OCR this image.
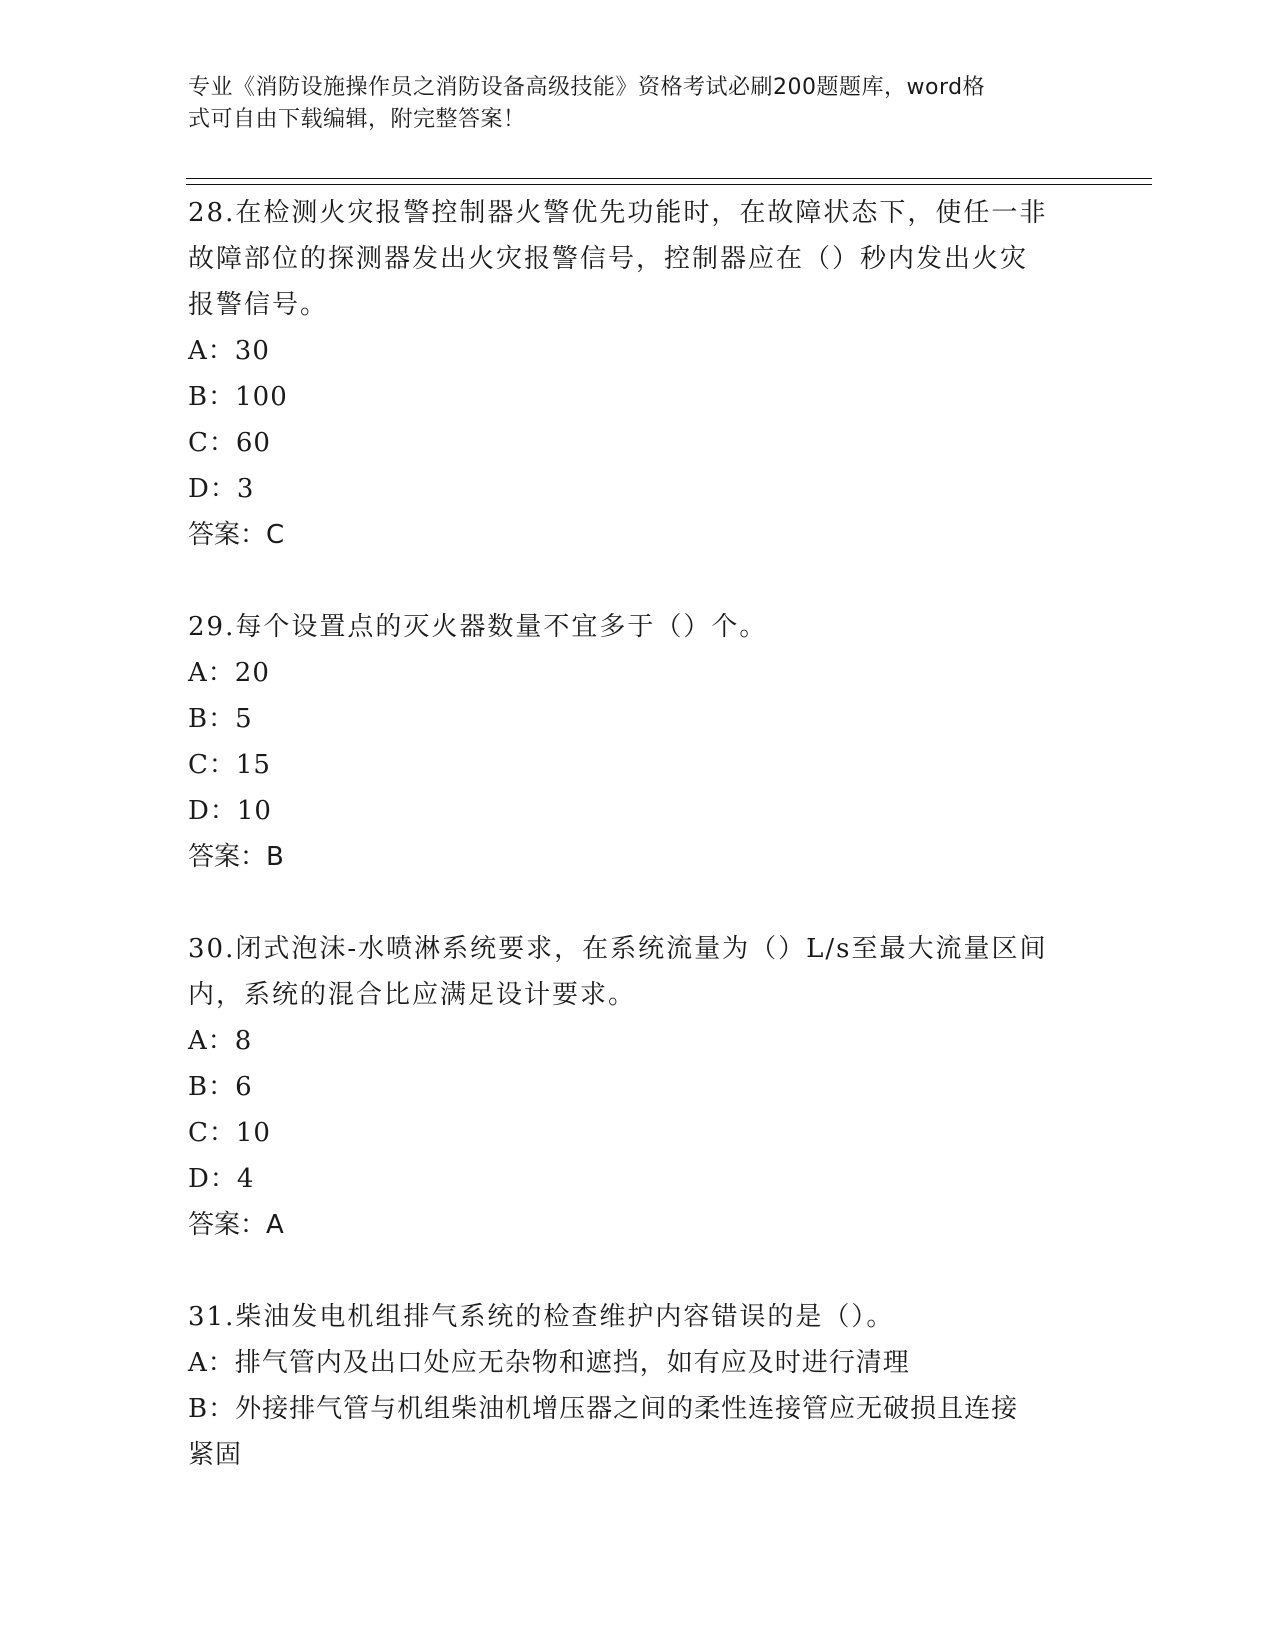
专业《消防设施操作员之消防设备高级技能》资格考试必刷200题题库，word格
式可自由下载编辑，附完整答案！

28.在检测火灾报警控制器火警优先功能时，在故障状态下，使任一非

故障部位的探测器发出火灾报警信号，控制器应在（）秒内发出火灾

报警信号。

A：30

B：100

C：60

D：3

答案：C

29.每个设置点的灭火器数量不宜多于（）个。

A：20

B：5

C：15

D：10

答案：B

30.闭式泡沫-水喷淋系统要求，在系统流量为（）L/s至最大流量区间

内，系统的混合比应满足设计要求。

A：8

B：6

C：10

D：4

答案：A

31.柴油发电机组排气系统的检查维护内容错误的是（）。

A：排气管内及出口处应无杂物和遮挡，如有应及时进行清理

B：外接排气管与机组柴油机增压器之间的柔性连接管应无破损且连接

紧固
